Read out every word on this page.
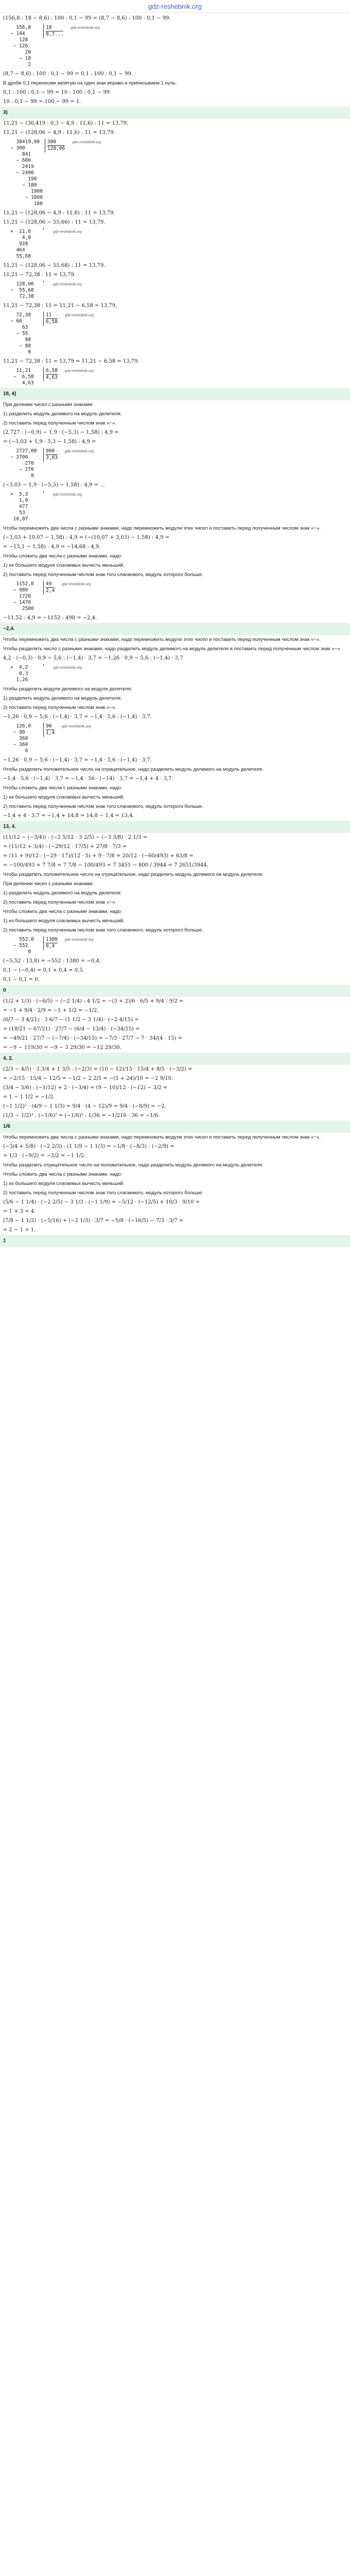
gdz-reshebnik.org
(156,8 : 18 − 8,6) : 100 : 0,1 − 99 = (8,7 − 8,6) : 100 : 0,1 − 99.
156,8
− 144
128
− 126
20
− 18
2
18
8,7...
gdz-reshebnik.org
(8,7 − 8,6) : 100 : 0,1 − 99 = 0,1 : 100 : 0,1 − 99.
В дроби 0,1 переносим запятую на один знак вправо и приписываем 1 нуль.
0,1 : 100 : 0,1 − 99 = 10 : 100 : 0,1 − 99.
10 : 0,1 − 99 = 100 − 99 = 1.
3)
11,21 − (36,419 : 0,3 − 4,9 : 11,6) : 11 = 13,79.
11,21 − (128,06 − 4,9 : 11,6) : 11 = 13,79.
38419,00
− 300
841
− 600
2419
− 2400
190
− 180
1900
− 1800
100
300
128,06
gdz-reshebnik.org
11,21 − (128,06 − 4,9 : 11,6) : 11 = 13,79.
11,21 − (128,06 − 55,66) : 11 = 13,79.
×  11,6
4,8
928
464
55,68
gdz-reshebnik.org
11,21 − (128,06 − 55,68) : 11 = 13,79.
11,21 − 72,38 : 11 = 13,79.
128,06
−  55,68
72,38
gdz-reshebnik.org
11,21 − 72,38 : 11 = 11,21 − 6,58 = 13,79.
72,38
− 66
63
− 55
88
− 88
0
11
6,58
gdz-reshebnik.org
11,21 − 72,38 : 11 = 13,79 = 11,21 − 6,58 = 13,79.
11,21
−  6,58
4,63
6,58
4,63
gdz-reshebnik.org
18, 4)
При делении чисел с разными знаками:
1) разделить модуль делимого на модуль делителя;
2) поставить перед полученным числом знак «−».
(2,727 : (−0,9) − 1,9 · (−5,3) − 1,58) : 4,9 =
= (−3,03 + 1,9 · 5,3 − 1,58) : 4,9 =
2727,00
− 2700
270
− 270
0
900
3,03
gdz-reshebnik.org
(−3,03 − 1,9 · (−5,3) − 1,58) : 4,9 = ...
×  5,3
1,9
477
53
10,07
gdz-reshebnik.org
Чтобы перемножить два числа с разными знаками, надо перемножить модули этих чисел и поставить перед полученным числом знак «−».
(−3,03 + 10,07 − 1,58) : 4,9 = (−(10,07 + 3,03) − 1,58) : 4,9 =
= −13,1 − 1,58) : 4,9 = −14,68 : 4,9.
Чтобы сложить два числа с разными знаками, надо:
1) из большего модуля слагаемых вычесть меньший;
2) поставить перед полученным числом знак того слагаемого, модуль которого больше.
1152,0
− 980
1720
− 1470
2500
49
2,4
gdz-reshebnik.org
−11,52 : 4,9 = −1152 : 490 = −2,4.
−2,4.
Чтобы перемножить два числа с разными знаками, надо перемножить модули этих чисел и поставить перед полученным числом знак «−».
Чтобы разделить число с разными знаками, надо разделить модуль делимого на модуль делителя и поставить перед полученным числом знак «−».
4,2 · (−0,3) · 0,9 − 5,6 : (−1,4) · 3,7 = −1,26 · 0,9 − 5,6 : (−1,4) · 3,7
×  4,2
0,3
1,26
gdz-reshebnik.org
Чтобы разделить модули делимого на модули делителя;
1) разделить модуль делимого на модуль делителя;
2) поставить перед полученным числом знак «−».
−1,26 · 0,9 − 5,6 : (−1,4) · 3,7 = −1,4 · 5,6 : (−1,4) · 3,7.
126,0
− 90
360
− 360
0
90
1,4
gdz-reshebnik.org
−1,26 · 0,9 − 5,6 : (−1,4) · 3,7 = −1,4 · 5,6 : (−1,4) · 3,7.
Чтобы разделить положительное число на отрицательное, надо разделить модуль делимого на модуль делителя.
−1,4 · 5,6 · (−1,4) · 3,7 = −1,4 · 56 · (−14) · 3,7 = −1,4 + 4 · 3,7.
Чтобы сложить два числа с разными знаками, надо:
1) из большего модуля слагаемых вычесть меньший;
2) поставить перед полученным числом знак того слагаемого, модуль которого больше.
−1,4 + 4 · 3,7 = −1,4 + 14,8 = 14,8 − 1,4 = 13,4.
13, 4.
(11/12 − (−3/4)) : (−2 5/12 · 3 2/5) − (−3 3/8) · 2 1/3 =
= (11/12 + 3/4) : (−29/12 · 17/5) + 27/8 · 7/3 =
= (11 + 9)/12 : (−29 · 17)/(12 · 5) + 9 · 7/8 = 20/12 · (−60/493) + 63/8 =
= −100/493 + 7 7/8 = 7 7/8 − 100/493 = 7 3451 − 800 / 3944 = 7 2651/3944.
Чтобы разделить положительное число на отрицательное, надо разделить модуль делимого на модуль делителя.
При делении чисел с разными знаками:
1) разделить модуль делимого на модуль делителя;
2) поставить перед полученным числом знак «−».
Чтобы сложить два числа с разными знаками, надо:
1) из большего модуля слагаемых вычесть меньший;
2) поставить перед полученным числом знак того слагаемого, модуль которого больше.
552,0
− 552
0
1380
0,4
gdz-reshebnik.org
(−5,52 : 13,8) = −552 : 1380 = −0,4.
0,1 − (−0,4) = 0,1 + 0,4 = 0,5.
0,1 − 0,1 = 0.
0
(1/2 + 1/3) · (−6/5) − (−2 1/4) : 4 1/2 = −(3 + 2)/6 · 6/5 + 9/4 : 9/2 =
= −1 + 9/4 · 2/9 = −1 + 1/2 = −1/2.
(6/7 − 3 4/21) · 3 6/7 − (1 1/2 − 3 1/4) · (−2 4/15) =
= (18/21 − 67/21) · 27/7 − (6/4 − 13/4) · (−34/15) =
= −49/21 · 27/7 − (−7/4) · (−34/15) = −7/3 · 27/7 − 7 · 34/(4 · 15) =
= −9 − 119/30 = −9 − 3 29/30 = −12 29/30.
4, 2.
(2/3 − 4/5) · 3 3/4 + 1 3/5 : (−2/3) = (10 − 12)/15 · 15/4 + 8/5 · (−3/2) =
= −2/15 · 15/4 − 12/5 = −1/2 − 2 2/5 = −(5 + 24)/10 = −2 9/10.
(3/4 − 5/6) : (−1/12) + 2 · (−3/4) = (9 − 10)/12 · (−12) − 3/2 =
= 1 − 1 1/2 = −1/2.
(−1 1/2)² · (4/9 − 1 1/3) = 9/4 · (4 − 12)/9 = 9/4 · (−8/9) = −2.
(1/3 − 1/2)³ : (−1/6)² = (−1/6)³ : 1/36 = −1/216 · 36 = −1/6.
1/6
Чтобы перемножить два числа с разными знаками, надо перемножить модули этих чисел и поставить перед полученным числом знак «−».
(−3/4 + 5/8) · (−2 2/3) : (1 1/9 − 1 1/3) = −1/8 · (−8/3) : (−2/9) =
= 1/3 · (−9/2) = −3/2 = −1 1/2.
Чтобы разделить отрицательное число на положительное, надо разделить модуль делимого на модуль делителя.
Чтобы сложить два числа с разными знаками, надо:
1) из большего модуля слагаемых вычесть меньший;
2) поставить перед полученным числом знак того слагаемого, модуль которого больше.
(5/6 − 1 1/4) · (−2 2/5) − 3 1/3 : (−1 1/9) = −5/12 · (−12/5) + 10/3 · 9/10 =
= 1 + 3 = 4.
(7/8 − 1 1/2) : (−5/16) + (−2 1/3) · 3/7 = −5/8 · (−16/5) − 7/3 · 3/7 =
= 2 − 1 = 1.
1
